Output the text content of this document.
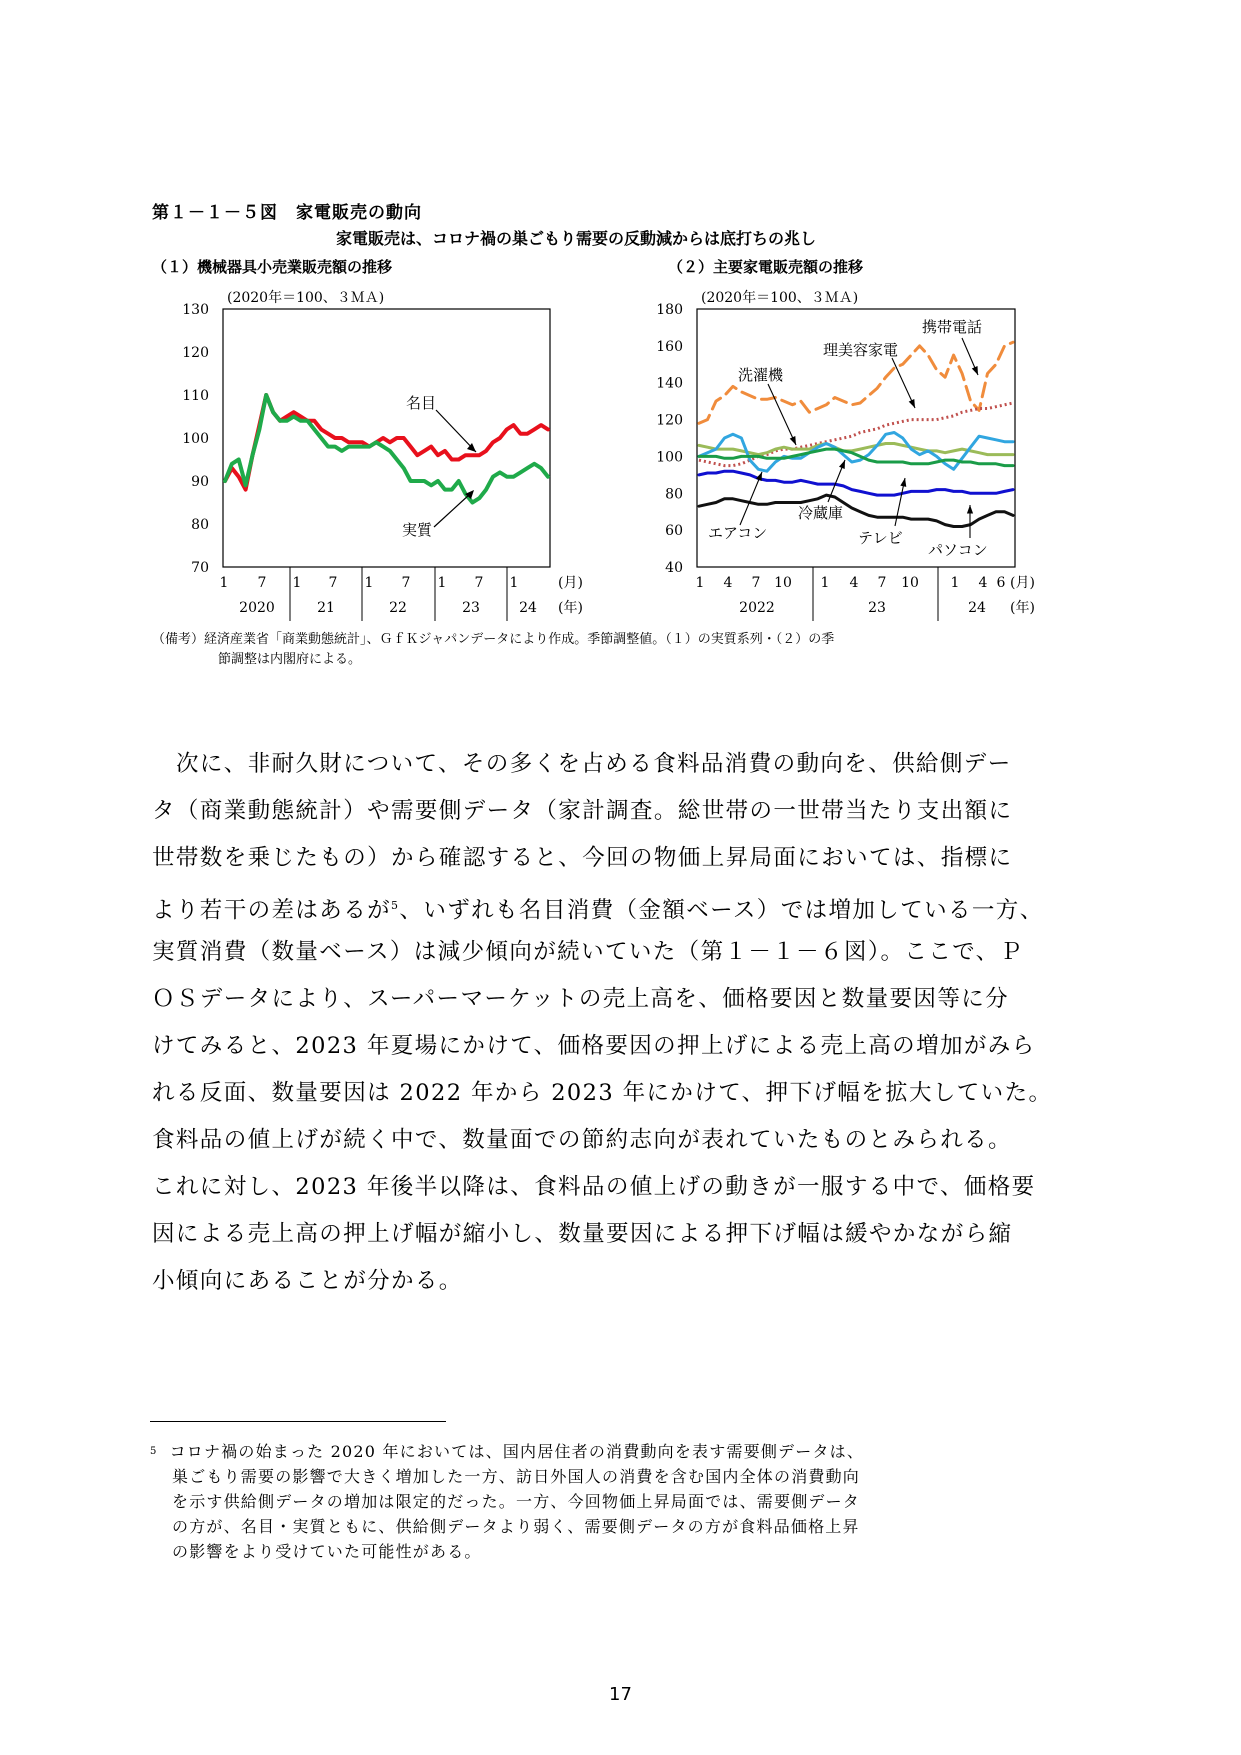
第１－１－５図　家電販売の動向
家電販売は、コロナ禍の巣ごもり需要の反動減からは底打ちの兆し
（１）機械器具小売業販売額の推移	（２）主要家電販売額の推移
(2020年＝100、３ＭＡ)
130
120
110
100
90
80
70
1 7 1 7 1 7 1 7 1	(月)
2020	21	22	23	24 (年)
名目
実質
(2020年＝100、３ＭＡ)
180
160
140
120
100
80
60
40
1 4 7 10 1 4 7 10 1 4 6 (月)
2022	23	24 (年)
携帯電話
理美容家電
洗濯機
エアコン
冷蔵庫
テレビ
パソコン
（備考）経済産業省「商業動態統計」、ＧｆＫジャパンデータにより作成。季節調整値。（１）の実質系列・（２）の季
節調整は内閣府による。
次に、非耐久財について、その多くを占める食料品消費の動向を、供給側デー
タ（商業動態統計）や需要側データ（家計調査。総世帯の一世帯当たり支出額に
世帯数を乗じたもの）から確認すると、今回の物価上昇局面においては、指標に
より若干の差はあるが$^5$、いずれも名目消費（金額ベース）では増加している一方、
実質消費（数量ベース）は減少傾向が続いていた（第１－１－６図）。ここで、Ｐ
ＯＳデータにより、スーパーマーケットの売上高を、価格要因と数量要因等に分
けてみると、2023 年夏場にかけて、価格要因の押上げによる売上高の増加がみら
れる反面、数量要因は 2022 年から 2023 年にかけて、押下げ幅を拡大していた。
食料品の値上げが続く中で、数量面での節約志向が表れていたものとみられる。
これに対し、2023 年後半以降は、食料品の値上げの動きが一服する中で、価格要
因による売上高の押上げ幅が縮小し、数量要因による押下げ幅は緩やかながら縮
小傾向にあることが分かる。
$^5$ コロナ禍の始まった 2020 年においては、国内居住者の消費動向を表す需要側データは、
巣ごもり需要の影響で大きく増加した一方、訪日外国人の消費を含む国内全体の消費動向
を示す供給側データの増加は限定的だった。一方、今回物価上昇局面では、需要側データ
の方が、名目・実質ともに、供給側データより弱く、需要側データの方が食料品価格上昇
の影響をより受けていた可能性がある。
17
